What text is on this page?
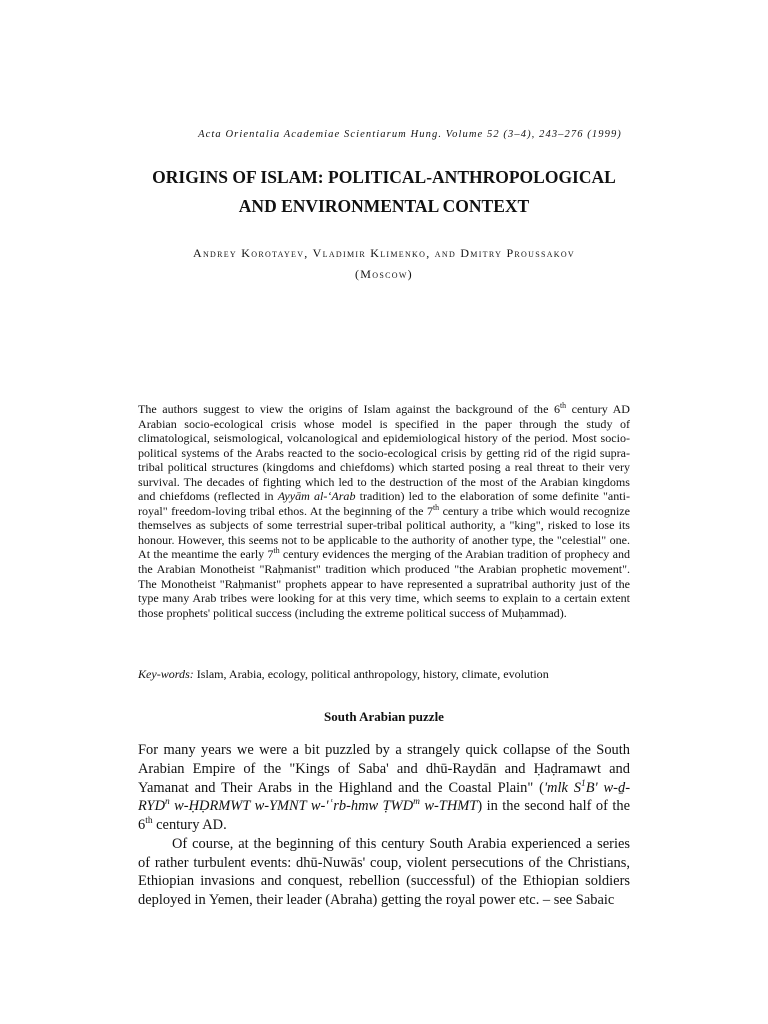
Acta Orientalia Academiae Scientiarum Hung. Volume 52 (3–4), 243–276 (1999)
ORIGINS OF ISLAM: POLITICAL-ANTHROPOLOGICAL
AND ENVIRONMENTAL CONTEXT
Andrey Korotayev, Vladimir Klimenko, and Dmitry Proussakov
(Moscow)

The authors suggest to view the origins of Islam against the background of the 6th century AD Arabian socio-ecological crisis whose model is specified in the paper through the study of climatological, seismological, volcanological and epidemiological history of the period. Most socio-political systems of the Arabs reacted to the socio-ecological crisis by getting rid of the rigid supra-tribal political structures (kingdoms and chiefdoms) which started posing a real threat to their very survival. The decades of fighting which led to the destruction of the most of the Arabian kingdoms and chiefdoms (reflected in Ayyām al-‘Arab tradition) led to the elaboration of some definite "anti-royal" freedom-loving tribal ethos. At the beginning of the 7th century a tribe which would recognize themselves as subjects of some terrestrial super-tribal political authority, a "king", risked to lose its honour. However, this seems not to be applicable to the authority of another type, the "celestial" one. At the meantime the early 7th century evidences the merging of the Arabian tradition of prophecy and the Arabian Monotheist "Raḥmanist" tradition which produced "the Arabian prophetic movement". The Monotheist "Raḥmanist" prophets appear to have represented a supratribal authority just of the type many Arab tribes were looking for at this very time, which seems to explain to a certain extent those prophets' political success (including the extreme political success of Muḥammad).

Key-words: Islam, Arabia, ecology, political anthropology, history, climate, evolution

South Arabian puzzle

For many years we were a bit puzzled by a strangely quick collapse of the South Arabian Empire of the "Kings of Saba' and dhū-Raydān and Ḥaḍramawt and Yamanat and Their Arabs in the Highland and the Coastal Plain" ('mlk $S^1B'$ w-ḏ-RYD$^n$ w-ḤḌRMWT w-YMNT w-'ʿrb-hmw ṬWD$^m$ w-THMT) in the second half of the 6th century AD.

Of course, at the beginning of this century South Arabia experienced a series of rather turbulent events: dhū-Nuwās' coup, violent persecutions of the Christians, Ethiopian invasions and conquest, rebellion (successful) of the Ethiopian soldiers deployed in Yemen, their leader (Abraha) getting the royal power etc. – see Sabaic
